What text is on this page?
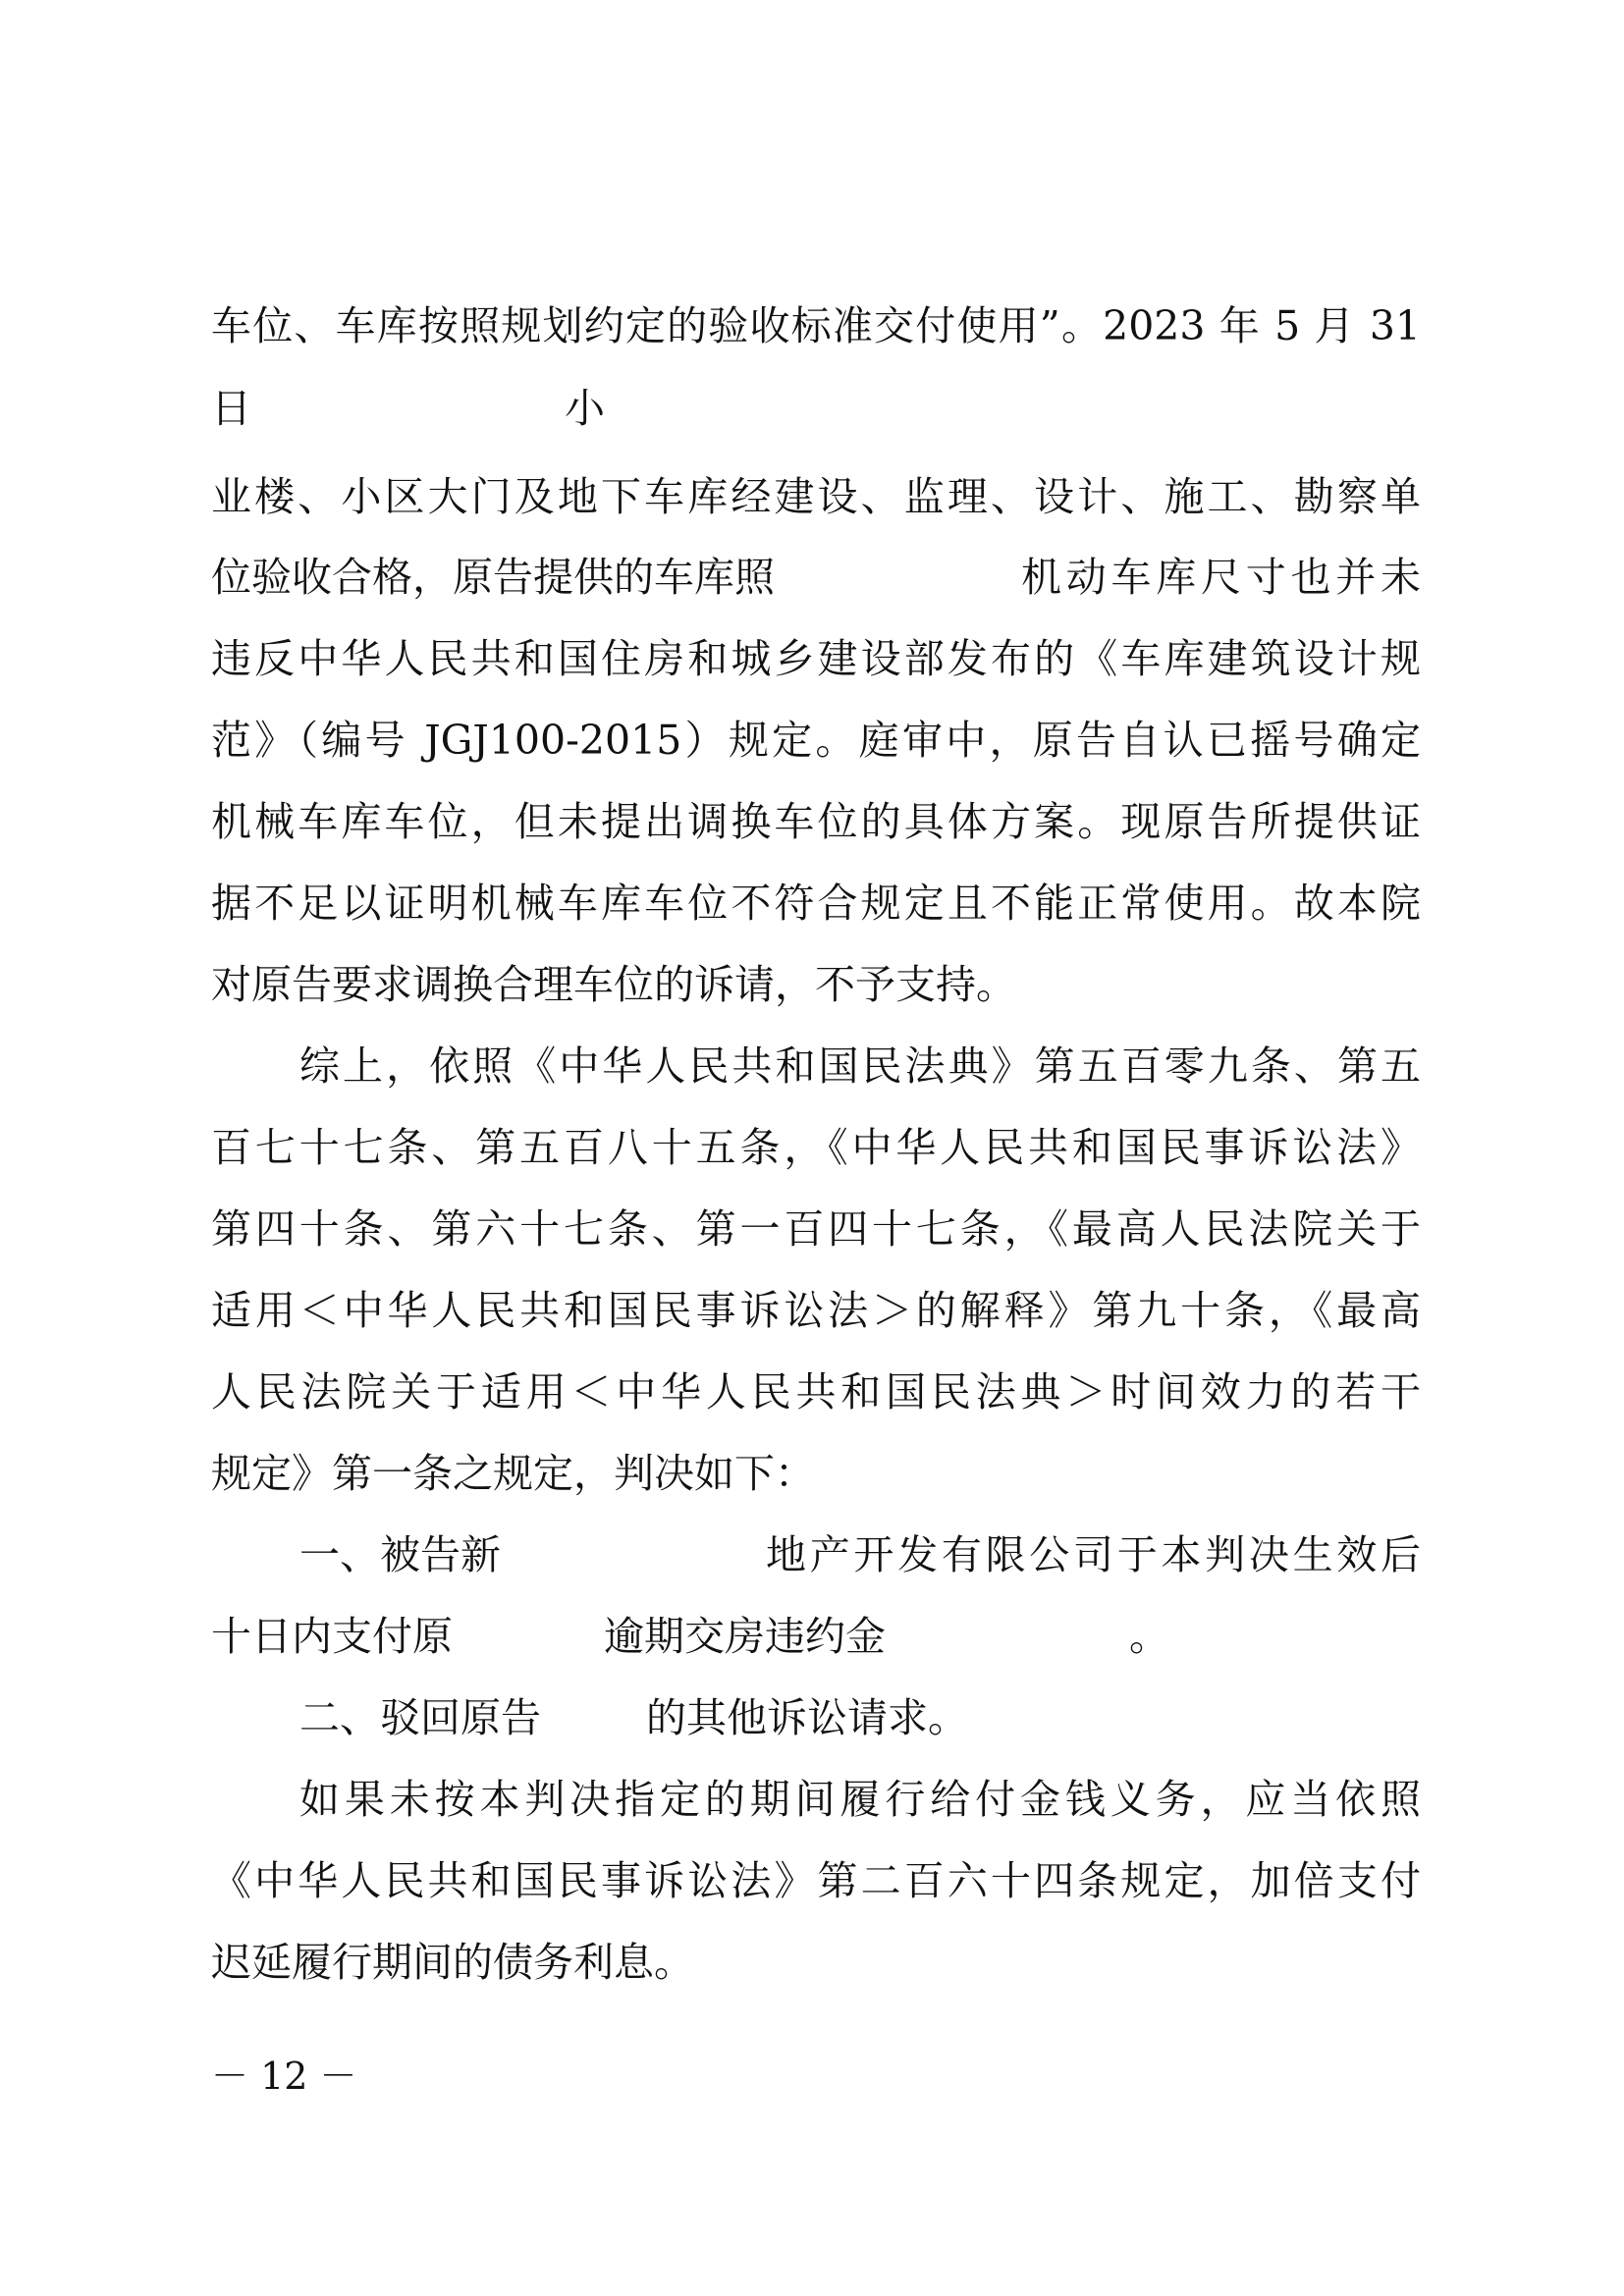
车位、车库按照规划约定的验收标准交付使用”。2023 年 5 月 31
日	小
业楼、小区大门及地下车库经建设、监理、设计、施工、勘察单
位验收合格，原告提供的车库照	机动车库尺寸也并未
违反中华人民共和国住房和城乡建设部发布的《车库建筑设计规
范》（编号 JGJ100-2015）规定。庭审中，原告自认已摇号确定
机械车库车位，但未提出调换车位的具体方案。现原告所提供证
据不足以证明机械车库车位不符合规定且不能正常使用。故本院
对原告要求调换合理车位的诉请，不予支持。
综上，依照《中华人民共和国民法典》第五百零九条、第五
百七十七条、第五百八十五条，《中华人民共和国民事诉讼法》
第四十条、第六十七条、第一百四十七条，《最高人民法院关于
适用＜中华人民共和国民事诉讼法＞的解释》第九十条，《最高
人民法院关于适用＜中华人民共和国民法典＞时间效力的若干
规定》第一条之规定，判决如下：
一、被告新	地产开发有限公司于本判决生效后
十日内支付原	逾期交房违约金	。
二、驳回原告	的其他诉讼请求。
如果未按本判决指定的期间履行给付金钱义务，应当依照
《中华人民共和国民事诉讼法》第二百六十四条规定，加倍支付
迟延履行期间的债务利息。
－ 12 －
